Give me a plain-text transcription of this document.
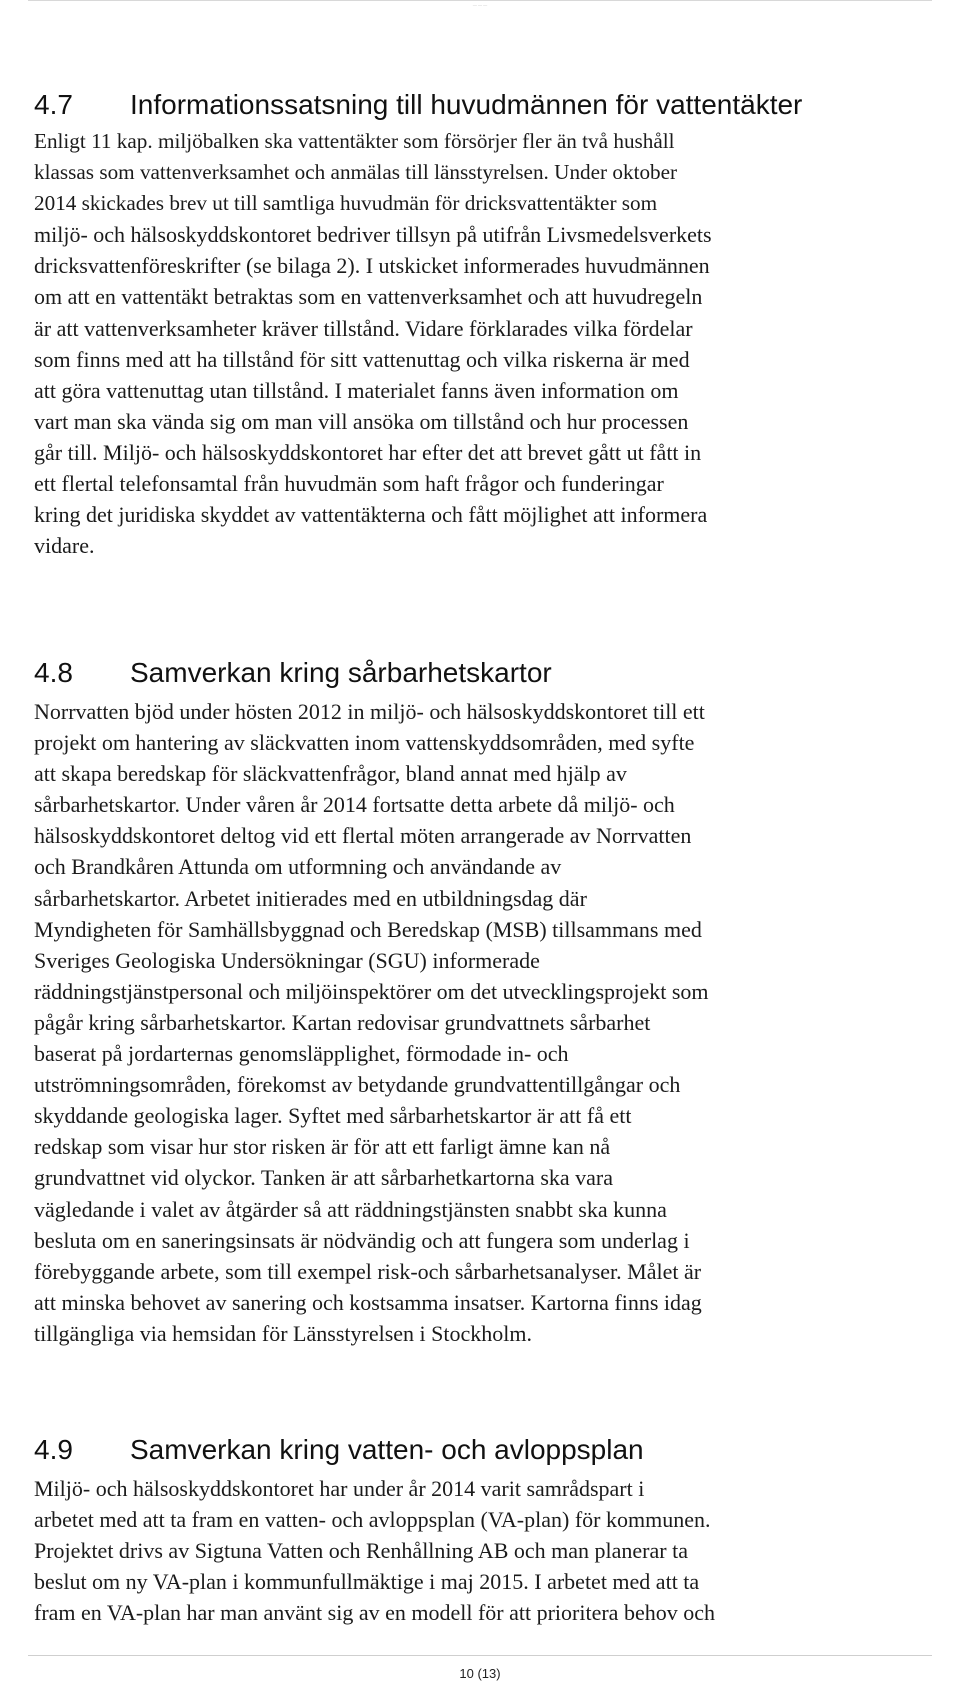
— — —
4.7 Informationssatsning till huvudmännen för vattentäkter

Enligt 11 kap. miljöbalken ska vattentäkter som försörjer fler än två hushåll

klassas som vattenverksamhet och anmälas till länsstyrelsen. Under oktober

2014 skickades brev ut till samtliga huvudmän för dricksvattentäkter som

miljö- och hälsoskyddskontoret bedriver tillsyn på utifrån Livsmedelsverkets

dricksvattenföreskrifter (se bilaga 2). I utskicket informerades huvudmännen

om att en vattentäkt betraktas som en vattenverksamhet och att huvudregeln

är att vattenverksamheter kräver tillstånd. Vidare förklarades vilka fördelar

som finns med att ha tillstånd för sitt vattenuttag och vilka riskerna är med

att göra vattenuttag utan tillstånd. I materialet fanns även information om

vart man ska vända sig om man vill ansöka om tillstånd och hur processen

går till. Miljö- och hälsoskyddskontoret har efter det att brevet gått ut fått in

ett flertal telefonsamtal från huvudmän som haft frågor och funderingar

kring det juridiska skyddet av vattentäkterna och fått möjlighet att informera

vidare.

4.8 Samverkan kring sårbarhetskartor

Norrvatten bjöd under hösten 2012 in miljö- och hälsoskyddskontoret till ett

projekt om hantering av släckvatten inom vattenskyddsområden, med syfte

att skapa beredskap för släckvattenfrågor, bland annat med hjälp av

sårbarhetskartor. Under våren år 2014 fortsatte detta arbete då miljö- och

hälsoskyddskontoret deltog vid ett flertal möten arrangerade av Norrvatten

och Brandkåren Attunda om utformning och användande av

sårbarhetskartor. Arbetet initierades med en utbildningsdag där

Myndigheten för Samhällsbyggnad och Beredskap (MSB) tillsammans med

Sveriges Geologiska Undersökningar (SGU) informerade

räddningstjänstpersonal och miljöinspektörer om det utvecklingsprojekt som

pågår kring sårbarhetskartor. Kartan redovisar grundvattnets sårbarhet

baserat på jordarternas genomsläpplighet, förmodade in- och

utströmningsområden, förekomst av betydande grundvattentillgångar och

skyddande geologiska lager. Syftet med sårbarhetskartor är att få ett

redskap som visar hur stor risken är för att ett farligt ämne kan nå

grundvattnet vid olyckor. Tanken är att sårbarhetkartorna ska vara

vägledande i valet av åtgärder så att räddningstjänsten snabbt ska kunna

besluta om en saneringsinsats är nödvändig och att fungera som underlag i

förebyggande arbete, som till exempel risk-och sårbarhetsanalyser. Målet är

att minska behovet av sanering och kostsamma insatser. Kartorna finns idag

tillgängliga via hemsidan för Länsstyrelsen i Stockholm.

4.9 Samverkan kring vatten- och avloppsplan

Miljö- och hälsoskyddskontoret har under år 2014 varit samrådspart i

arbetet med att ta fram en vatten- och avloppsplan (VA-plan) för kommunen.

Projektet drivs av Sigtuna Vatten och Renhållning AB och man planerar ta

beslut om ny VA-plan i kommunfullmäktige i maj 2015. I arbetet med att ta

fram en VA-plan har man använt sig av en modell för att prioritera behov och

10 (13)
